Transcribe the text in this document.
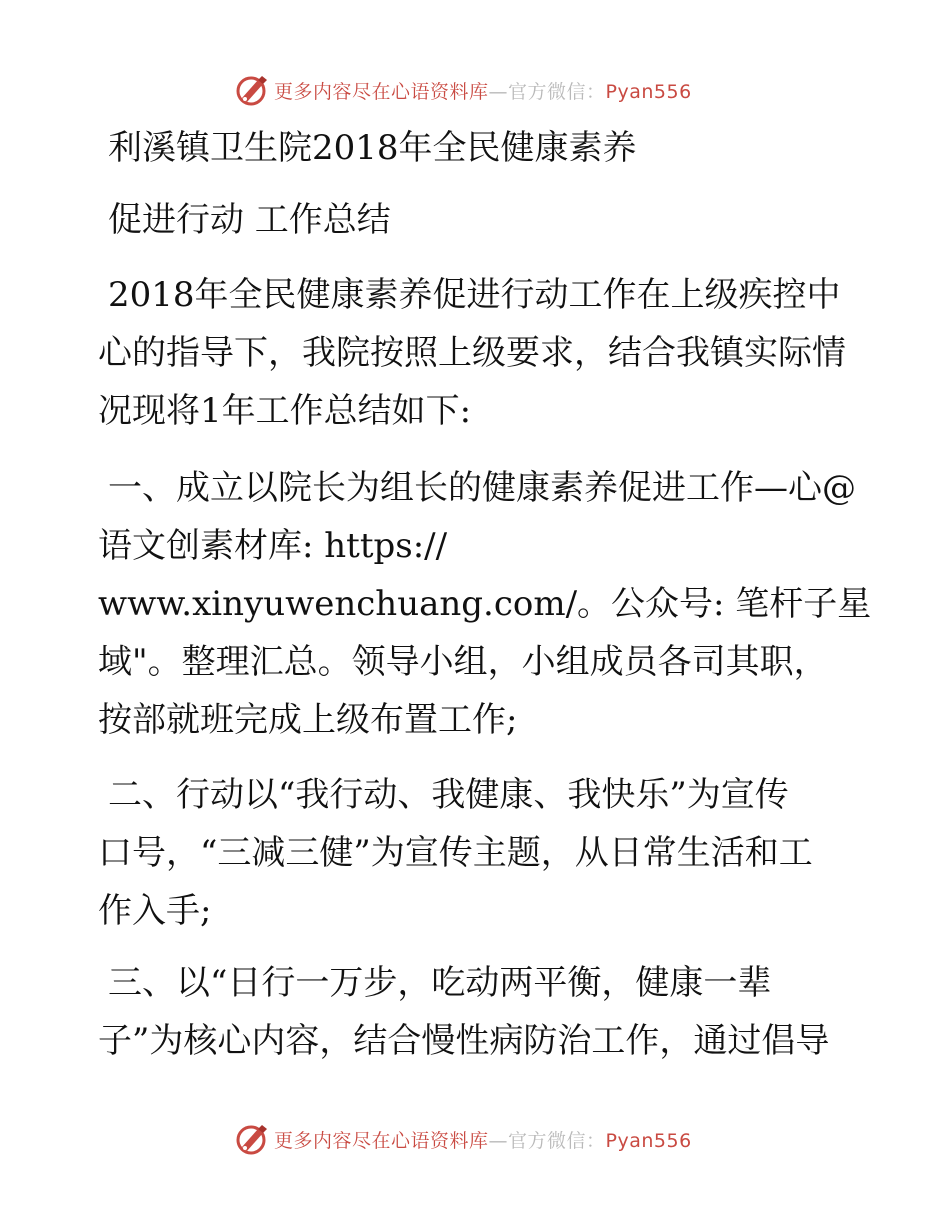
更多内容尽在心语资料库—官方微信：Pyan556
利溪镇卫生院2018年全民健康素养
促进行动 工作总结
2018年全民健康素养促进行动工作在上级疾控中
心的指导下，我院按照上级要求，结合我镇实际情
况现将1年工作总结如下:
一、成立以院长为组长的健康素养促进工作—心@
语文创素材库: https://
www.xinyuwenchuang.com/。公众号: 笔杆子星
域"。整理汇总。领导小组，小组成员各司其职，
按部就班完成上级布置工作;
二、行动以“我行动、我健康、我快乐”为宣传
口号，“三减三健”为宣传主题，从日常生活和工
作入手;
三、以“日行一万步，吃动两平衡，健康一辈
子”为核心内容，结合慢性病防治工作，通过倡导
更多内容尽在心语资料库—官方微信：Pyan556
